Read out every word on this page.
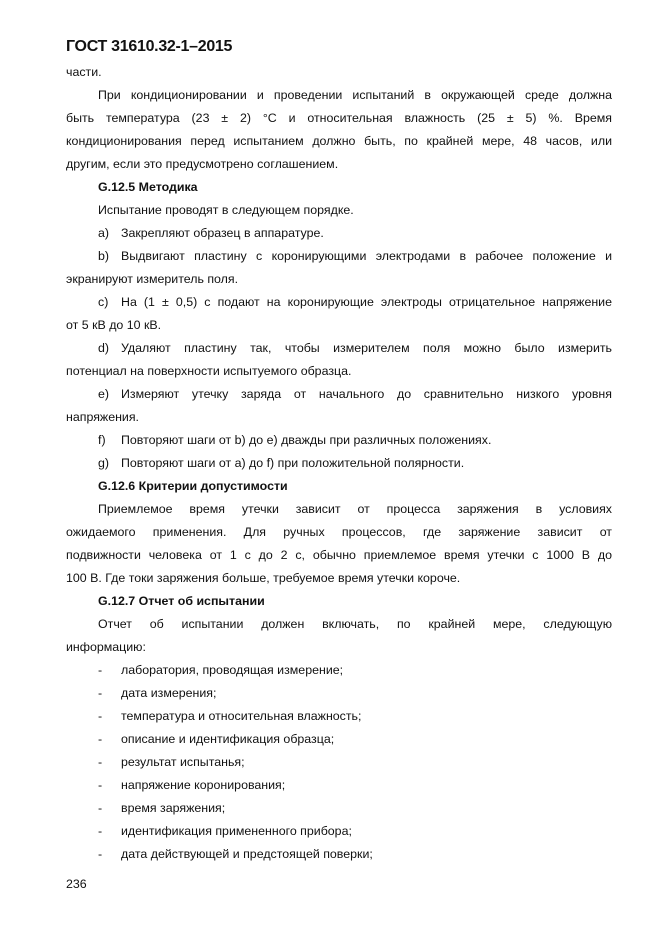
ГОСТ 31610.32-1–2015
части.
При кондиционировании и проведении испытаний в окружающей среде должна
быть температура (23 ± 2) °С и относительная влажность (25 ± 5) %. Время
кондиционирования перед испытанием должно быть, по крайней мере, 48 часов, или
другим, если это предусмотрено соглашением.
G.12.5 Методика
Испытание проводят в следующем порядке.
a) Закрепляют образец в аппаратуре.
b) Выдвигают пластину с коронирующими электродами в рабочее положение и
экранируют измеритель поля.
c)	На (1 ± 0,5) с подают на коронирующие электроды отрицательное напряжение
от 5 кВ до 10 кВ.
d) Удаляют пластину так, чтобы измерителем поля можно было измерить
потенциал на поверхности испытуемого образца.
e) Измеряют утечку заряда от начального до сравнительно низкого уровня
напряжения.
f)	Повторяют шаги от b) до e) дважды при различных положениях.
g) Повторяют шаги от a) до f) при положительной полярности.
G.12.6 Критерии допустимости
Приемлемое время утечки зависит от процесса заряжения в условиях
ожидаемого применения. Для ручных процессов, где заряжение зависит от
подвижности человека от 1 с до 2 с, обычно приемлемое время утечки с 1000 В до
100 В. Где токи заряжения больше, требуемое время утечки короче.
G.12.7 Отчет об испытании
Отчет об испытании должен включать, по крайней мере, следующую
информацию:
-	лаборатория, проводящая измерение;
-	дата измерения;
-	температура и относительная влажность;
-	описание и идентификация образца;
-	результат испытанья;
-	напряжение коронирования;
-	время заряжения;
-	идентификация примененного прибора;
-	дата действующей и предстоящей поверки;
236
